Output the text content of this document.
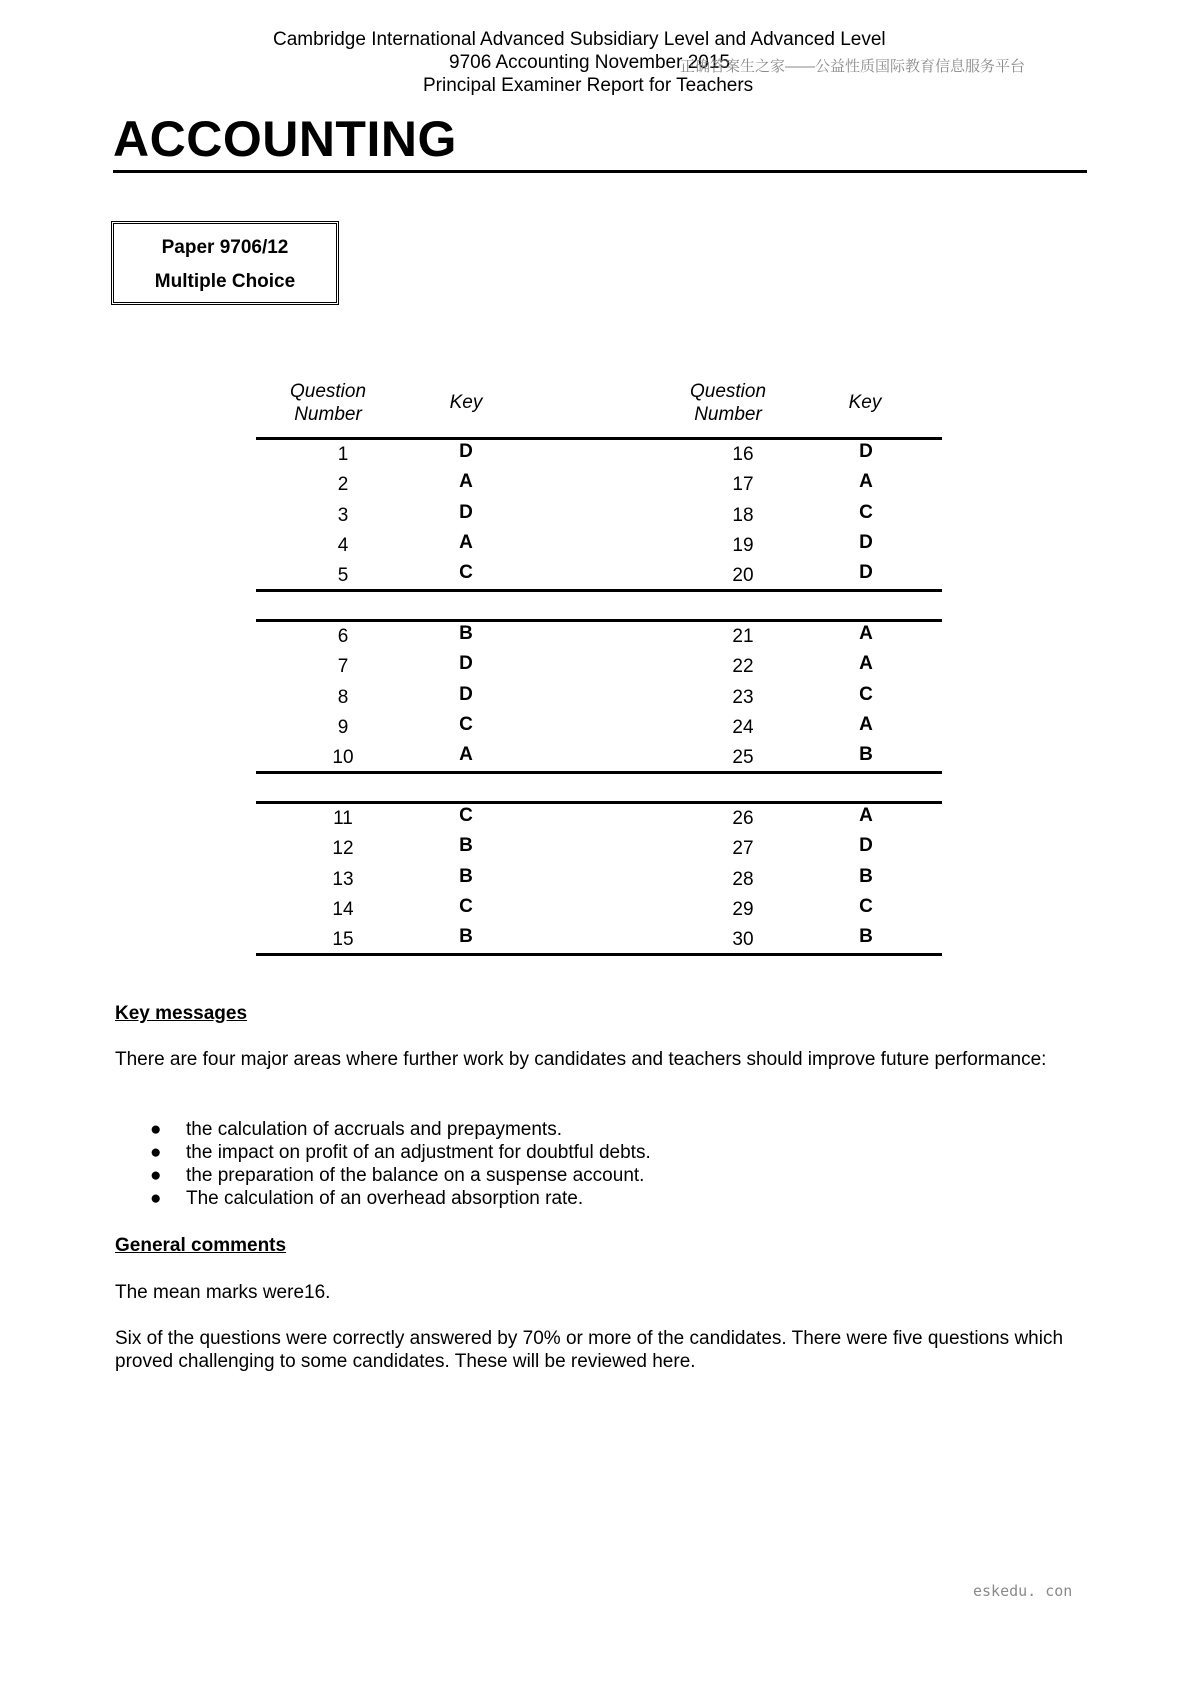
Cambridge International Advanced Subsidiary Level and Advanced Level
9706 Accounting November 2015
Principal Examiner Report for Teachers
正确答案生之家——公益性质国际教育信息服务平台
ACCOUNTING
Paper 9706/12
Multiple Choice
Question
Number
Key
Question
Number
Key
1	D	16	D
2	A	17	A
3	D	18	C
4	A	19	D
5	C	20	D
6	B	21	A
7	D	22	A
8	D	23	C
9	C	24	A
10	A	25	B
11	C	26	A
12	B	27	D
13	B	28	B
14	C	29	C
15	B	30	B
Key messages
There are four major areas where further work by candidates and teachers should improve future performance:
● the calculation of accruals and prepayments.
● the impact on profit of an adjustment for doubtful debts.
● the preparation of the balance on a suspense account.
● The calculation of an overhead absorption rate.
General comments
The mean marks were16.
Six of the questions were correctly answered by 70% or more of the candidates. There were five questions which proved challenging to some candidates. These will be reviewed here.
eskedu. con
